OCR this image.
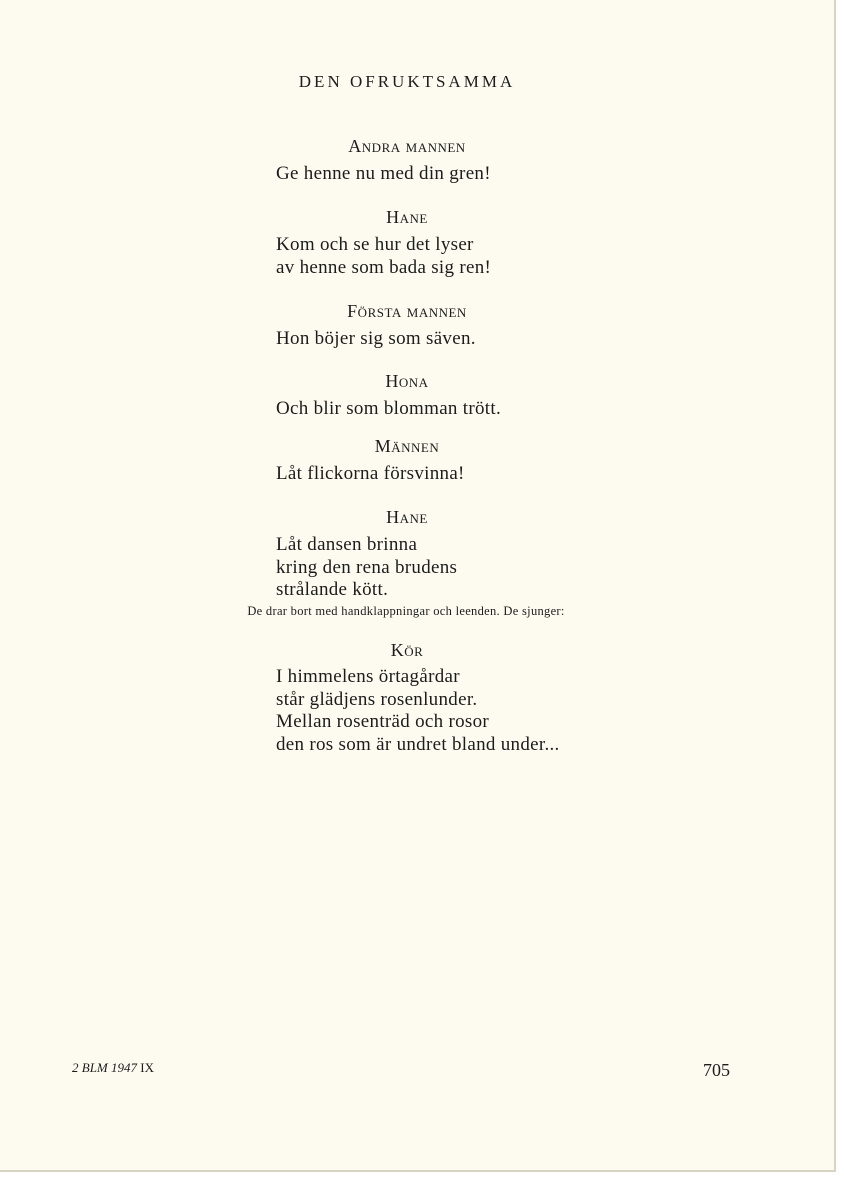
DEN OFRUKTSAMMA
Andra mannen
Ge henne nu med din gren!
Hane
Kom och se hur det lyser
av henne som bada sig ren!
Första mannen
Hon böjer sig som säven.
Hona
Och blir som blomman trött.
Männen
Låt flickorna försvinna!
Hane
Låt dansen brinna
kring den rena brudens
strålande kött.
De drar bort med handklappningar och leenden. De sjunger:
Kör
I himmelens örtagårdar
står glädjens rosenlunder.
Mellan rosenträd och rosor
den ros som är undret bland under...
2 BLM 1947 IX	705
